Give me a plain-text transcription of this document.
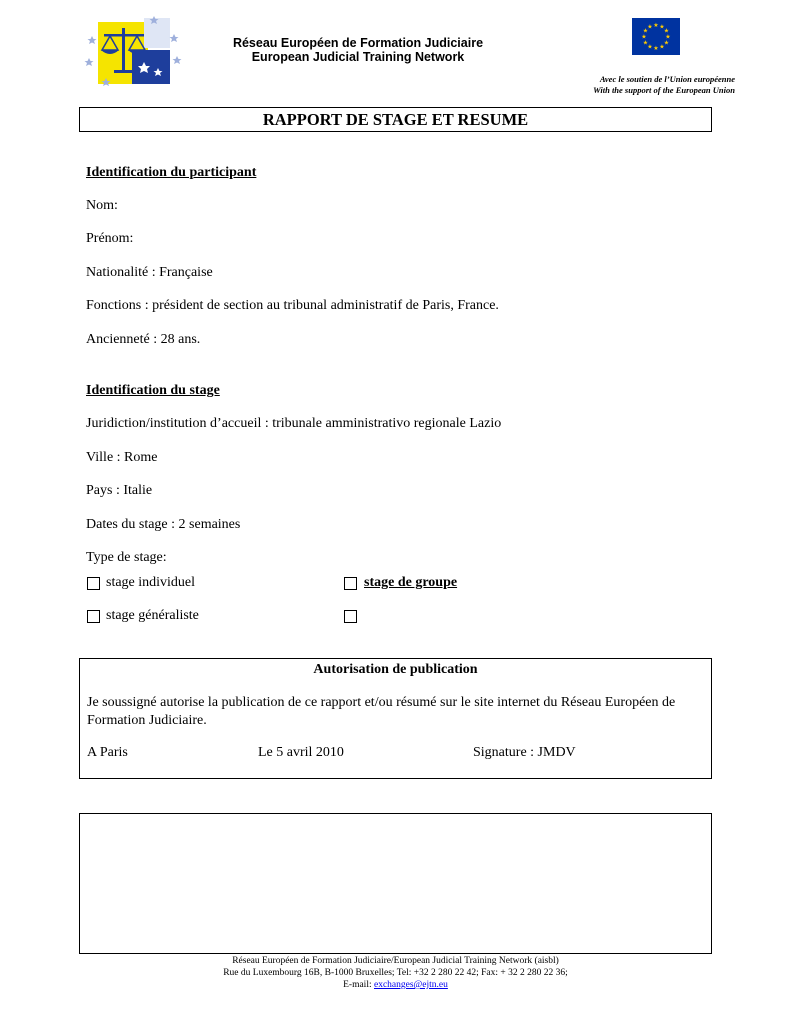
Réseau Européen de Formation Judiciaire
European Judicial Training Network
★ ★
★
★
★
★
★
★
★
★
★
★
Avec le soutien de l’Union européenne
With the support of the European Union
RAPPORT DE STAGE ET RESUME
Identification du participant
Nom:
Prénom:
Nationalité : Française
Fonctions : président de section au tribunal administratif de Paris, France.
Ancienneté : 28 ans.
Identification du stage
Juridiction/institution d’accueil : tribunale amministrativo regionale Lazio
Ville : Rome
Pays : Italie
Dates du stage : 2 semaines
Type de stage:
stage individuel	stage de groupe
stage généraliste
Autorisation de publication
Je soussigné autorise la publication de ce rapport et/ou résumé sur le site internet du Réseau Européen de Formation Judiciaire.
A Paris	Le 5 avril 2010	Signature : JMDV
Réseau Européen de Formation Judiciaire/European Judicial Training Network (aisbl)
Rue du Luxembourg 16B, B-1000 Bruxelles; Tel: +32 2 280 22 42; Fax: + 32 2 280 22 36;
E-mail: exchanges@ejtn.eu
